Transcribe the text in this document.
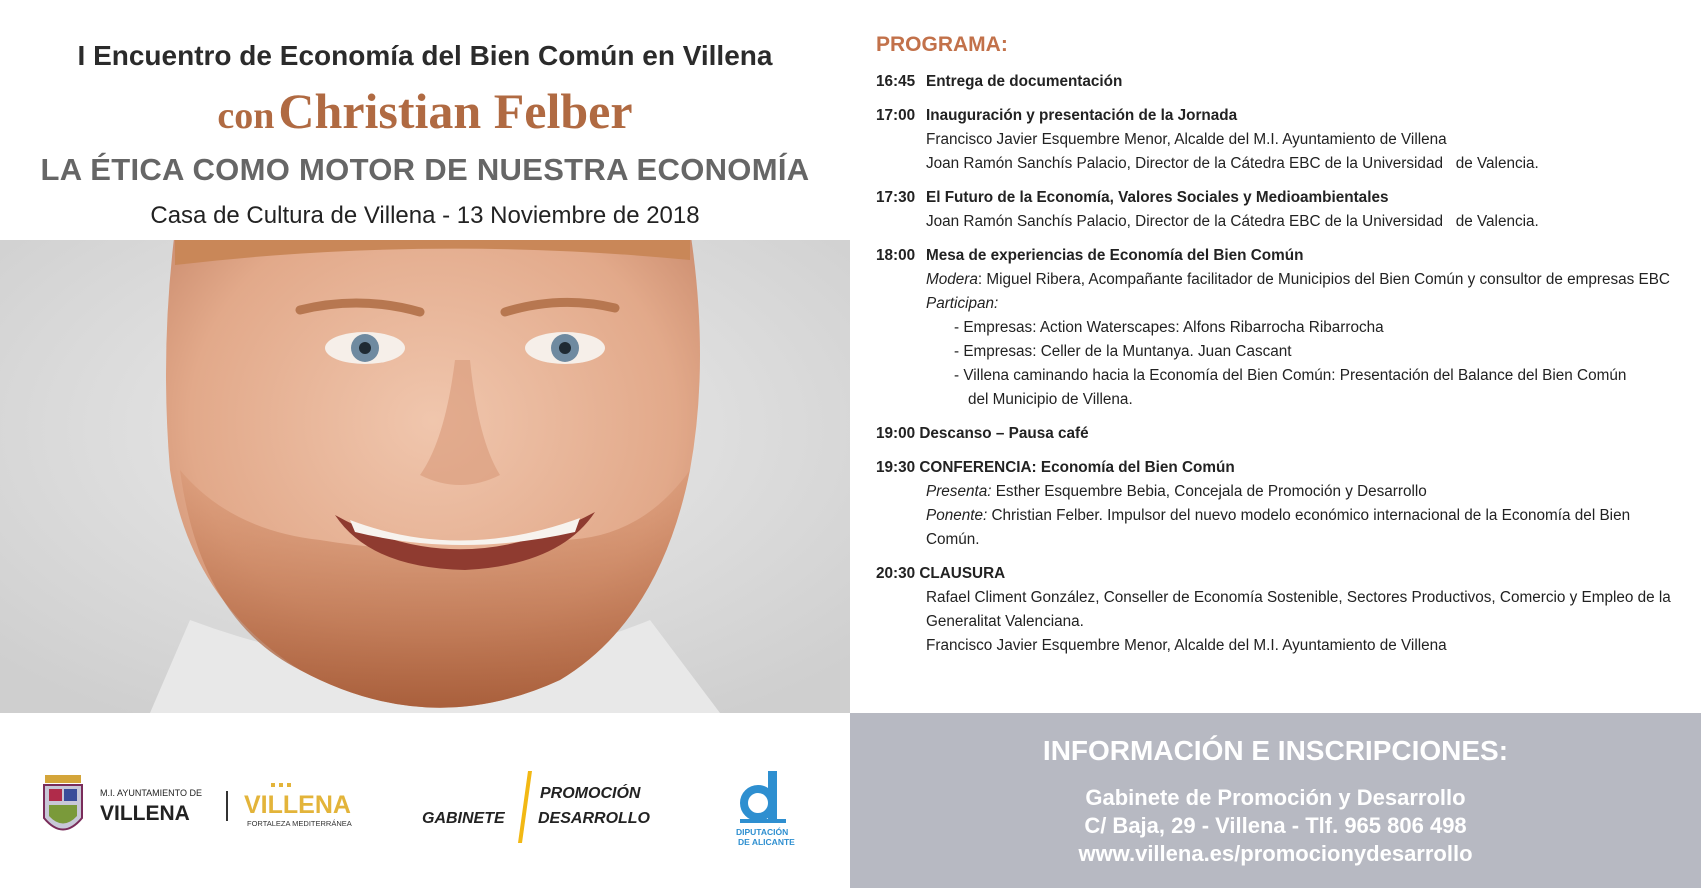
I Encuentro de Economía del Bien Común en Villena
con Christian Felber
LA ÉTICA COMO MOTOR DE NUESTRA ECONOMÍA
Casa de Cultura de Villena - 13 Noviembre de 2018
M.I. AYUNTAMIENTO DE
VILLENA VILLENA
FORTALEZA MEDITERRÁNEA	GABINETE
PROMOCIÓN
DESARROLLO
DIPUTACIÓN
DE ALICANTE
PROGRAMA:
16:45 Entrega de documentación
17:00 Inauguración y presentación de la Jornada
Francisco Javier Esquembre Menor, Alcalde del M.I. Ayuntamiento de Villena
Joan Ramón Sanchís Palacio, Director de la Cátedra EBC de la Universidad   de Valencia.
17:30 El Futuro de la Economía, Valores Sociales y Medioambientales
Joan Ramón Sanchís Palacio, Director de la Cátedra EBC de la Universidad   de Valencia.
18:00 Mesa de experiencias de Economía del Bien Común
Modera: Miguel Ribera, Acompañante facilitador de Municipios del Bien Común y consultor de empresas EBC
Participan:
- Empresas: Action Waterscapes: Alfons Ribarrocha Ribarrocha
- Empresas: Celler de la Muntanya. Juan Cascant
- Villena caminando hacia la Economía del Bien Común: Presentación del Balance del Bien Común
del Municipio de Villena.
19:00 Descanso – Pausa café
19:30 CONFERENCIA: Economía del Bien Común
Presenta: Esther Esquembre Bebia, Concejala de Promoción y Desarrollo
Ponente: Christian Felber. Impulsor del nuevo modelo económico internacional de la Economía del Bien Común.
20:30 CLAUSURA
Rafael Climent González, Conseller de Economía Sostenible, Sectores Productivos, Comercio y Empleo de la Generalitat Valenciana.
Francisco Javier Esquembre Menor, Alcalde del M.I. Ayuntamiento de Villena
INFORMACIÓN E INSCRIPCIONES:
Gabinete de Promoción y Desarrollo
C/ Baja, 29 - Villena - Tlf. 965 806 498
www.villena.es/promocionydesarrollo
